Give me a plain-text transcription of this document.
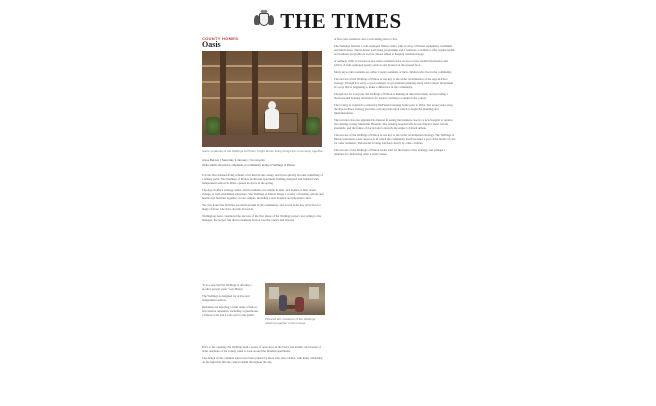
THE TIMES
COUNTY HOMES
Oasis
Some residents of the Wellings at Pinion; bright atrium living brings the community together
Anna Benton | Saturday 1 January | Comments
Older adults attracted to emphasis on community living at Wellings of Pinion

It is the first assisted-living scheme of its kind in the county, and it has quickly become something of a talking point. The Wellings of Pinion, an 86-unit apartment building designed and finished with independent seniors in mind, opened its doors in the spring.

The Age-in-Place strategy, under which residents can remain in their own homes as their needs change, is well established elsewhere. The Wellings of Pinion brings a variety of housing options and health care facilities together on one campus, including a new hospital and physician clinic.

Yet, few doubt the facilities are much needed in the community, and access is the key attraction for many of those who have already moved in.

Wellingtons have considered the success of the first phase of the Wellings project. According to the manager, the project has drawn residents from across the county and beyond.

"It is a step that the Wellings is offering a product people want," says Henry.

The Wellings is designed for active and independent seniors.

Residents are enjoying a wide range of indoor and outdoor amenities, including a greenhouse, a fitness room and a cafe open to the public.

Pictured left: residents of the Wellings relaxing together in the lounge

Prior to the opening, the Wellings held a series of open days in the lobby and atrium, and dozens of older residents of the county came to look around the finished apartments.

The design of the common spaces has been praised by those who have visited, with many remarking on the light that fills the central atrium throughout the day.

A first-class residence and a welcoming place to live.

The Wellings features a well-equipped fitness centre with an array of fitness equipment, treadmills and much more. The in-house well-being programme and a wellness coordinator offer regular health and wellness programs as well as classes aimed at keeping residents happy.

A wellness clinic is located on site where residents have access to basic health information and advice. A well-equipped beauty salon is also housed on the ground floor.

Many says older residents are either County residents or have children who live in the community.

The success of the Wellings of Pinion is one key to the wider revitalisation of the Age-in-Place strategy. Though it is early, a good example of government planning along with a major investment in a way that is beginning to make a difference in the community.

Though not for everyone, the Wellings of Pinion is making an important mark, and providing a much-needed housing alternative for seniors wishing to remain in the county.

The County is required to redevelop McFarland nursing home prior to 2024. Just seven years away, the Age-in-Place strategy provides a strong basis upon which to begin the planning and implementation.

The province has also signalled its interest in seeing the business case for a new hospital to replace the existing County Memorial Hospital. The existing hospital will be retrofitted to meet current standards, and the future of the old site is already the subject of much debate.

The success of the Wellings of Pinion is one key to the wider revitalisation strategy. The Wellings of Pinion represents a new approach, in which the community itself becomes a part of the model of care for older residents. This model is being watched closely by other counties.

The success of the Wellings of Pinion bodes well for the future of the strategy, and perhaps a template for addressing other County issues.
